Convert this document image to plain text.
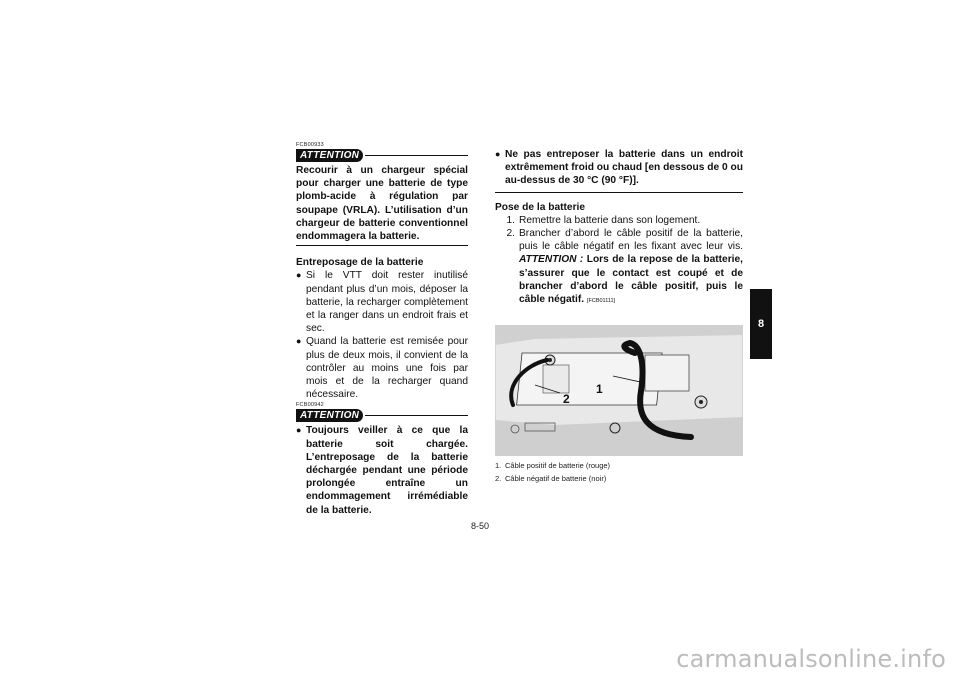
FCB00933
ATTENTION

Recourir à un chargeur spécial pour charger une batterie de type plomb-acide à régulation par soupape (VRLA). L’utilisation d’un chargeur de batterie conventionnel endommagera la batterie.

Entreposage de la batterie
● Si le VTT doit rester inutilisé pendant plus d’un mois, déposer la batterie, la recharger complètement et la ranger dans un endroit frais et sec.
● Quand la batterie est remisée pour plus de deux mois, il convient de la contrôler au moins une fois par mois et de la recharger quand nécessaire.
FCB00942
ATTENTION
● Toujours veiller à ce que la batterie soit chargée. L’entreposage de la batterie déchargée pendant une période prolongée entraîne un endommagement irrémédiable de la batterie.
● Ne pas entreposer la batterie dans un endroit extrêmement froid ou chaud [en dessous de 0 ou au-dessus de 30 °C (90 °F)].
Pose de la batterie
1. Remettre la batterie dans son logement.
2. Brancher d’abord le câble positif de la batterie, puis le câble négatif en les fixant avec leur vis. ATTENTION : Lors de la repose de la batterie, s’assurer que le contact est coupé et de brancher d’abord le câble positif, puis le câble négatif. [FCB01111]
2
1
1. Câble positif de batterie (rouge)
2. Câble négatif de batterie (noir)
8-50
8
carmanualsonline.info
